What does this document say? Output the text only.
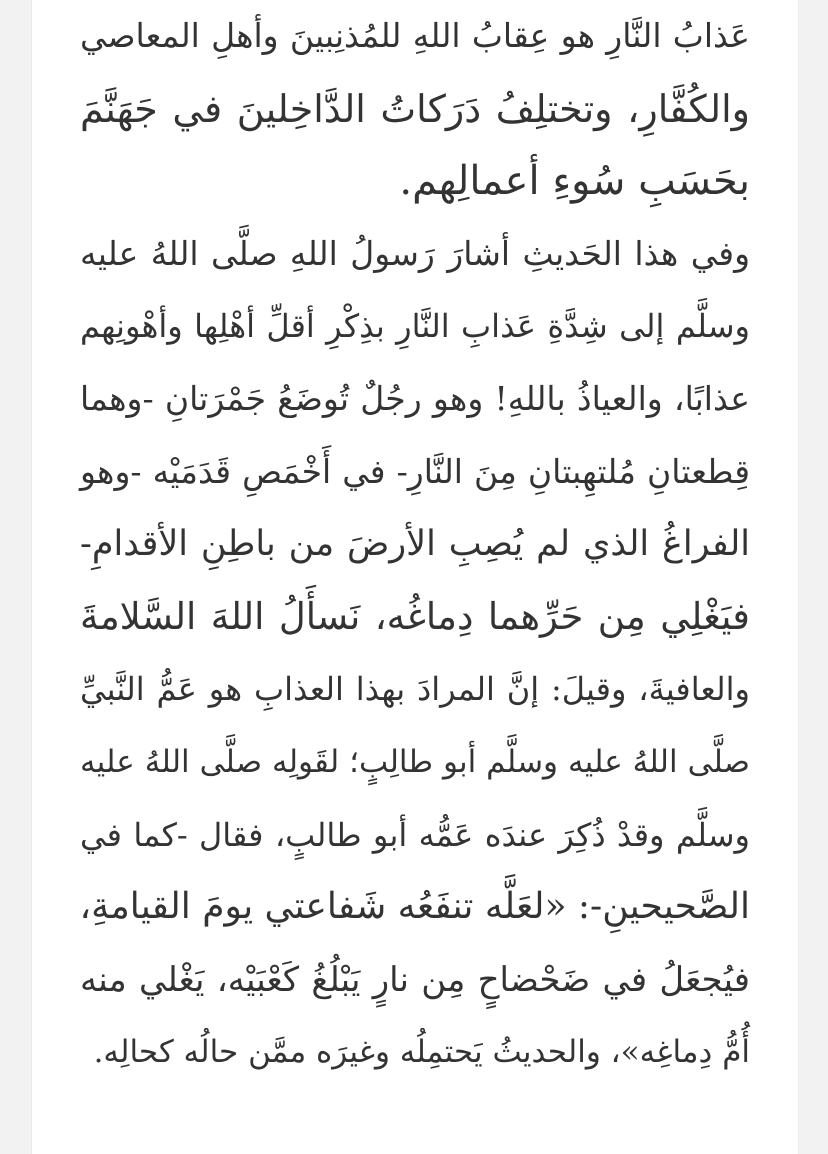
عَذابُ النَّارِ هو عِقابُ اللهِ للمُذنِبينَ وأهلِ المعاصي
والكُفَّارِ، وتختلِفُ دَرَكاتُ الدَّاخِلينَ في جَهَنَّمَ
بحَسَبِ سُوءِ أعمالِهم.
وفي هذا الحَديثِ أشارَ رَسولُ اللهِ صلَّى اللهُ عليه
وسلَّم إلى شِدَّةِ عَذابِ النَّارِ بذِكْرِ أقلِّ أهْلِها وأهْونِهم
عذابًا، والعياذُ باللهِ! وهو رجُلٌ تُوضَعُ جَمْرَتانِ -وهما
قِطعتانِ مُلتهِبتانِ مِنَ النَّارِ- في أَخْمَصِ قَدَمَيْه -وهو
الفراغُ الذي لم يُصِبِ الأرضَ من باطِنِ الأقدامِ-
فيَغْلِي مِن حَرِّهما دِماغُه، نَسأَلُ اللهَ السَّلامةَ
والعافيةَ، وقيلَ: إنَّ المرادَ بهذا العذابِ هو عَمُّ النَّبيِّ
صلَّى اللهُ عليه وسلَّم أبو طالِبٍ؛ لقَولِه صلَّى اللهُ عليه
وسلَّم وقدْ ذُكِرَ عندَه عَمُّه أبو طالبٍ، فقال -كما في
الصَّحيحينِ-: «لعَلَّه تنفَعُه شَفاعتي يومَ القيامةِ،
فيُجعَلُ في ضَحْضاحٍ مِن نارٍ يَبْلُغُ كَعْبَيْه، يَغْلي منه
أُمُّ دِماغِه»، والحديثُ يَحتمِلُه وغيرَه ممَّن حالُه كحالِه.
